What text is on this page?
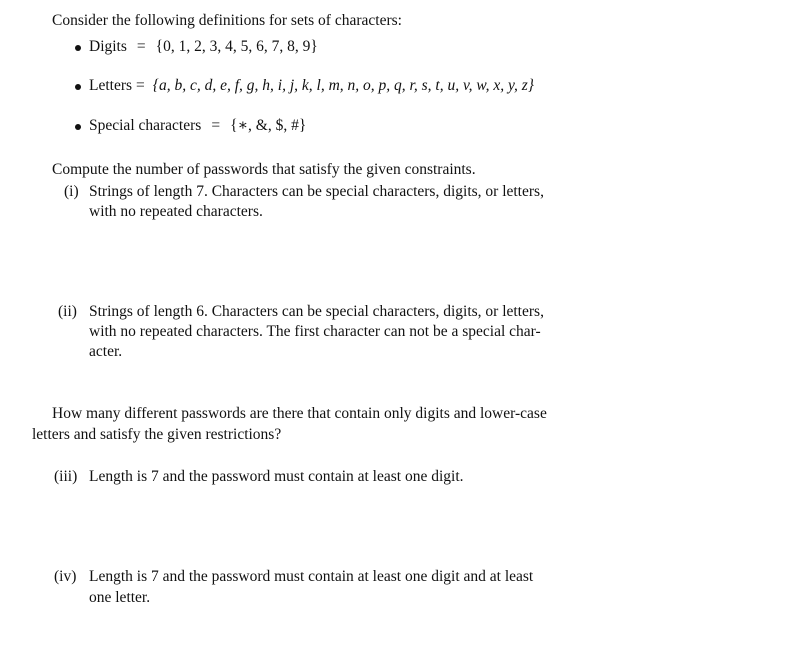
Consider the following definitions for sets of characters:
Digits = {0, 1, 2, 3, 4, 5, 6, 7, 8, 9}
Letters = {a, b, c, d, e, f, g, h, i, j, k, l, m, n, o, p, q, r, s, t, u, v, w, x, y, z}
Special characters = {∗, &, $, #}
Compute the number of passwords that satisfy the given constraints.
(i) Strings of length 7. Characters can be special characters, digits, or letters,
with no repeated characters.
(ii) Strings of length 6. Characters can be special characters, digits, or letters,
with no repeated characters. The first character can not be a special char-
acter.
How many different passwords are there that contain only digits and lower-case
letters and satisfy the given restrictions?
(iii) Length is 7 and the password must contain at least one digit.
(iv) Length is 7 and the password must contain at least one digit and at least
one letter.
